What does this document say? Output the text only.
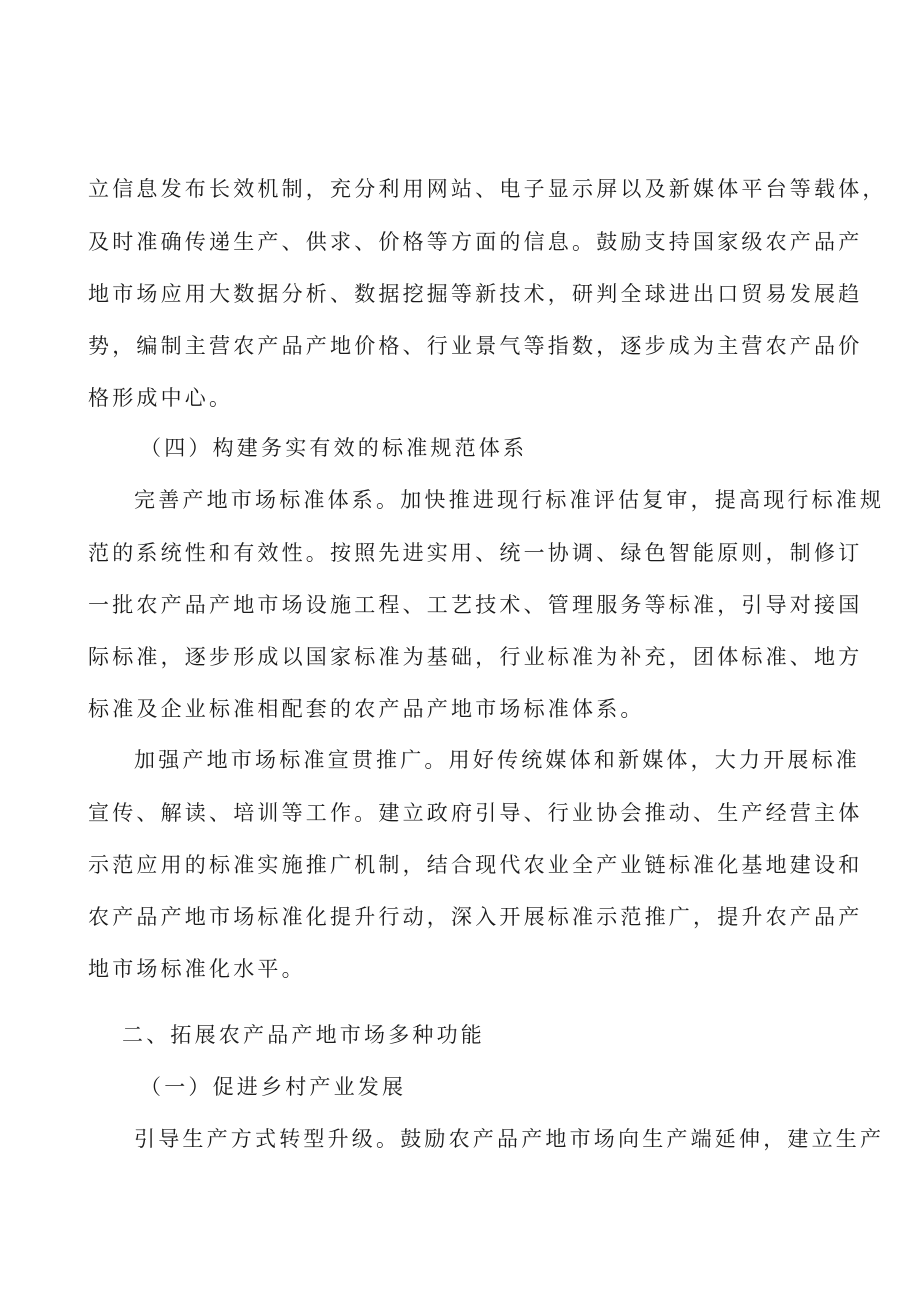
立信息发布长效机制，充分利用网站、电子显示屏以及新媒体平台等载体，
及时准确传递生产、供求、价格等方面的信息。鼓励支持国家级农产品产
地市场应用大数据分析、数据挖掘等新技术，研判全球进出口贸易发展趋
势，编制主营农产品产地价格、行业景气等指数，逐步成为主营农产品价
格形成中心。
（四）构建务实有效的标准规范体系
完善产地市场标准体系。加快推进现行标准评估复审，提高现行标准规
范的系统性和有效性。按照先进实用、统一协调、绿色智能原则，制修订
一批农产品产地市场设施工程、工艺技术、管理服务等标准，引导对接国
际标准，逐步形成以国家标准为基础，行业标准为补充，团体标准、地方
标准及企业标准相配套的农产品产地市场标准体系。
加强产地市场标准宣贯推广。用好传统媒体和新媒体，大力开展标准
宣传、解读、培训等工作。建立政府引导、行业协会推动、生产经营主体
示范应用的标准实施推广机制，结合现代农业全产业链标准化基地建设和
农产品产地市场标准化提升行动，深入开展标准示范推广，提升农产品产
地市场标准化水平。
二、拓展农产品产地市场多种功能
（一）促进乡村产业发展
引导生产方式转型升级。鼓励农产品产地市场向生产端延伸，建立生产
